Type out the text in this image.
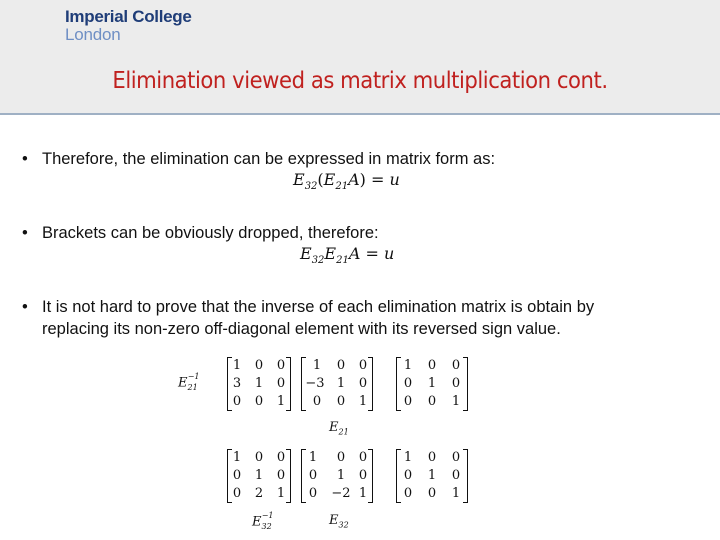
Imperial College
London
Elimination viewed as matrix multiplication cont.
• Therefore, the elimination can be expressed in matrix form as:
$E_{32}(E_{21}A) = u$
• Brackets can be obviously dropped, therefore:
$E_{32}E_{21}A = u$
• It is not hard to prove that the inverse of each elimination matrix is obtain by
replacing its non-zero off-diagonal element with its reversed sign value.
$E_{21}^{-1}$
1	0	0
3	1	0
0	0	1
1	0	0
−3 1	0
0	0	1
1	0	0
0	1	0
0	0	1
$E_{21}$
1	0	0
0	1	0
0	2	1
1	0	0
0	1	0
0	−2 1
1	0	0
0	1	0
0	0	1
$E_{32}^{-1}$	$E_{32}$
